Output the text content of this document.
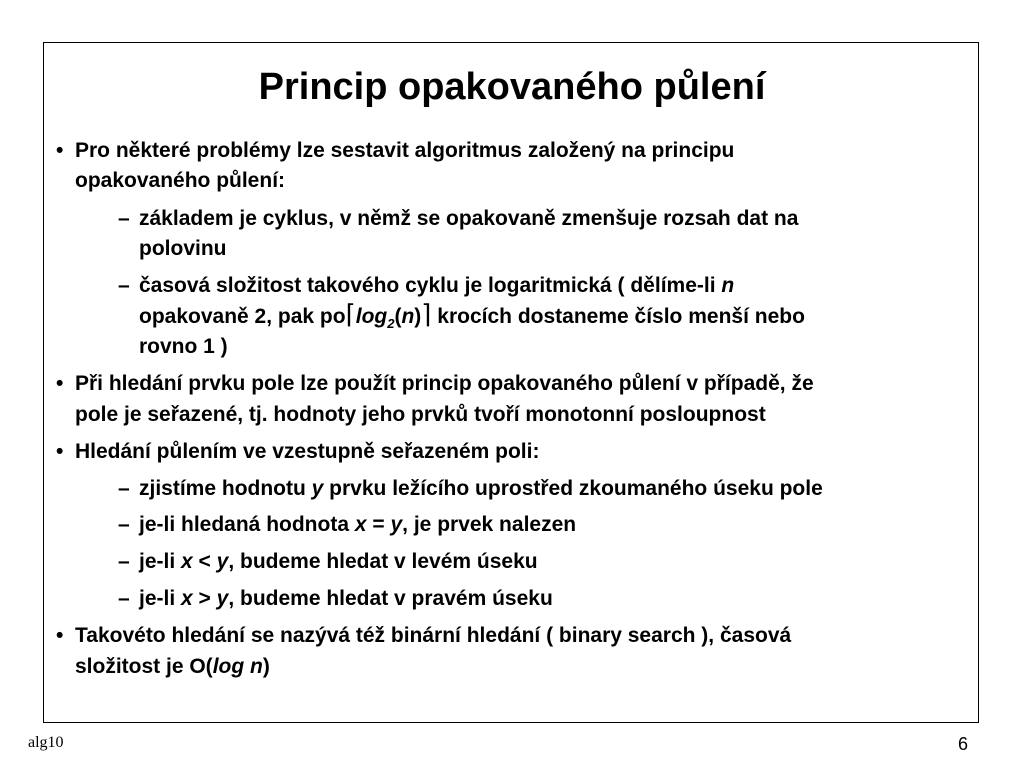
Princip opakovaného půlení
• Pro některé problémy lze sestavit algoritmus založený na principu
opakovaného půlení:
– základem je cyklus, v němž se opakovaně zmenšuje rozsah dat na
polovinu
– časová složitost takového cyklu je logaritmická ( dělíme-li n
opakovaně 2, pak $po⌈\log_2(n)⌉$ krocích dostaneme číslo menší nebo
rovno 1 )
• Při hledání prvku pole lze použít princip opakovaného půlení v případě, že
pole je seřazené, tj. hodnoty jeho prvků tvoří monotonní posloupnost
• Hledání půlením ve vzestupně seřazeném poli:
– zjistíme hodnotu y prvku ležícího uprostřed zkoumaného úseku pole
– je-li hledaná hodnota x = y, je prvek nalezen
– je-li x < y, budeme hledat v levém úseku
– je-li x > y, budeme hledat v pravém úseku
• Takovéto hledání se nazývá též binární hledání ( binary search ), časová
složitost je O(log n)
alg10	6
